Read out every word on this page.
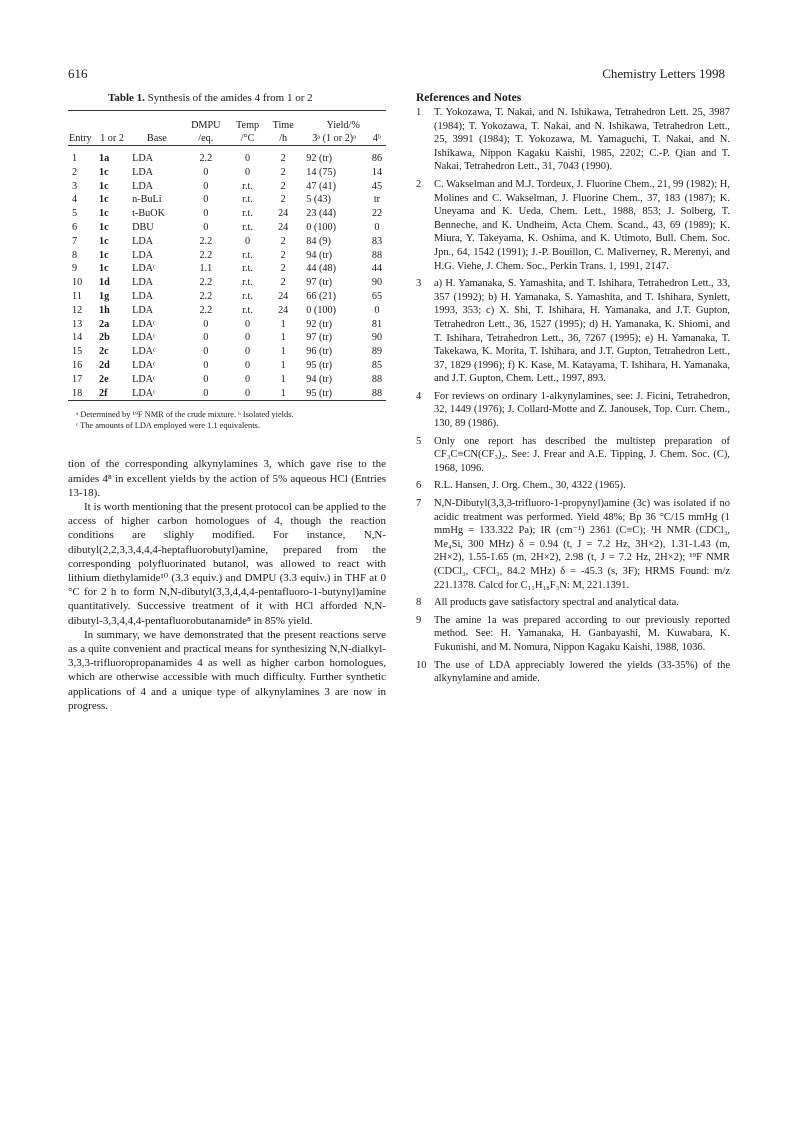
616	Chemistry Letters 1998
Table 1. Synthesis of the amides 4 from 1 or 2

			DMPU	Temp	Time	Yield/%	
Entry	1 or 2	Base	/eq.	/°C	/h	3ᵃ (1 or 2)ᵃ	4ᵇ

1	1a	LDA	2.2	0	2	92 (tr)	86
2	1c	LDA	0	0	2	14 (75)	14
3	1c	LDA	0	r.t.	2	47 (41)	45
4	1c	n-BuLi	0	r.t.	2	5 (43)	tr
5	1c	t-BuOK	0	r.t.	24	23 (44)	22
6	1c	DBU	0	r.t.	24	0 (100)	0
7	1c	LDA	2.2	0	2	84 (9)	83
8	1c	LDA	2.2	r.t.	2	94 (tr)	88
9	1c	LDAᶜ	1.1	r.t.	2	44 (48)	44
10	1d	LDA	2.2	r.t.	2	97 (tr)	90
11	1g	LDA	2.2	r.t.	24	66 (21)	65
12	1h	LDA	2.2	r.t.	24	0 (100)	0
13	2a	LDAᶜ	0	0	1	92 (tr)	81
14	2b	LDAᶜ	0	0	1	97 (tr)	90
15	2c	LDAᶜ	0	0	1	96 (tr)	89
16	2d	LDAᶜ	0	0	1	95 (tr)	85
17	2e	LDAᶜ	0	0	1	94 (tr)	88
18	2f	LDAᶜ	0	0	1	95 (tr)	88

ᵃ Determined by ¹⁹F NMR of the crude mixture. ᵇ Isolated yields.
ᶜ The amounts of LDA employed were 1.1 equivalents.

tion of the corresponding alkynylamines 3, which gave rise to the amides 4⁸ in excellent yields by the action of 5% aqueous HCl (Entries 13-18).

It is worth mentioning that the present protocol can be applied to the access of higher carbon homologues of 4, though the reaction conditions are slighly modified. For instance, N,N-dibutyl(2,2,3,3,4,4,4-heptafluorobutyl)amine, prepared from the corresponding polyfluorinated butanol, was allowed to react with lithium diethylamide¹⁰ (3.3 equiv.) and DMPU (3.3 equiv.) in THF at 0 °C for 2 h to form N,N-dibutyl(3,3,4,4,4-pentafluoro-1-butynyl)amine quantitatively. Successive treatment of it with HCl afforded N,N-dibutyl-3,3,4,4,4-pentafluorobutanamide⁸ in 85% yield.

In summary, we have demonstrated that the present reactions serve as a quite convenient and practical means for synthesizing N,N-dialkyl-3,3,3-trifluoropropanamides 4 as well as higher carbon homologues, which are otherwise accessible with much difficulty. Further synthetic applications of 4 and a unique type of alkynylamines 3 are now in progress.

References and Notes
1	T. Yokozawa, T. Nakai, and N. Ishikawa, Tetrahedron Lett. 25, 3987 (1984); T. Yokozawa, T. Nakai, and N. Ishikawa, Tetrahedron Lett., 25, 3991 (1984); T. Yokozawa, M. Yamaguchi, T. Nakai, and N. Ishikawa, Nippon Kagaku Kaishi, 1985, 2202; C.-P. Qian and T. Nakai, Tetrahedron Lett., 31, 7043 (1990).
2	C. Wakselman and M.J. Tordeux, J. Fluorine Chem., 21, 99 (1982); H, Molines and C. Wakselman, J. Fluorine Chem., 37, 183 (1987); K. Uneyama and K. Ueda, Chem. Lett., 1988, 853; J. Solberg, T. Benneche, and K. Undheim, Acta Chem. Scand., 43, 69 (1989); K. Miura, Y. Takeyama, K. Oshima, and K. Utimoto, Bull. Chem. Soc. Jpn., 64, 1542 (1991); J.-P. Bouillon, C. Maliverney, R. Merenyi, and H.G. Viehe, J. Chem. Soc., Perkin Trans. 1, 1991, 2147.
3	a) H. Yamanaka, S. Yamashita, and T. Ishihara, Tetrahedron Lett., 33, 357 (1992); b) H. Yamanaka, S. Yamashita, and T. Ishihara, Synlett, 1993, 353; c) X. Shi, T. Ishihara, H. Yamanaka, and J.T. Gupton, Tetrahedron Lett., 36, 1527 (1995); d) H. Yamanaka, K. Shiomi, and T. Ishihara, Tetrahedron Lett., 36, 7267 (1995); e) H. Yamanaka, T. Takekawa, K. Morita, T. Ishihara, and J.T. Gupton, Tetrahedron Lett., 37, 1829 (1996); f) K. Kase, M. Katayama, T. Ishihara, H. Yamanaka, and J.T. Gupton, Chem. Lett., 1997, 893.
4	For reviews on ordinary 1-alkynylamines, see: J. Ficini, Tetrahedron, 32, 1449 (1976); J. Collard-Motte and Z. Janousek, Top. Curr. Chem., 130, 89 (1986).
5	Only one report has described the multistep preparation of CF₃C≡CN(CF₃)₂. See: J. Frear and A.E. Tipping, J. Chem. Soc. (C), 1968, 1096.
6	R.L. Hansen, J. Org. Chem., 30, 4322 (1965).
7	N,N-Dibutyl(3,3,3-trifluoro-1-propynyl)amine (3c) was isolated if no acidic treatment was performed. Yield 48%; Bp 36 °C/15 mmHg (1 mmHg = 133.322 Pa); IR (cm⁻¹) 2361 (C≡C); ¹H NMR (CDCl₃, Me₄Si, 300 MHz) δ = 0.94 (t, J = 7.2 Hz, 3H×2), 1.31-1.43 (m, 2H×2), 1.55-1.65 (m, 2H×2), 2.98 (t, J = 7.2 Hz, 2H×2); ¹⁹F NMR (CDCl₃, CFCl₃, 84.2 MHz) δ = -45.3 (s, 3F); HRMS Found: m/z 221.1378. Calcd for C₁₁H₁₈F₃N: M, 221.1391.
8	All products gave satisfactory spectral and analytical data.
9	The amine 1a was prepared according to our previously reported method. See: H. Yamanaka, H. Ganbayashi, M. Kuwabara, K. Fukunishi, and M. Nomura, Nippon Kagaku Kaishi, 1988, 1036.
10 The use of LDA appreciably lowered the yields (33-35%) of the alkynylamine and amide.
